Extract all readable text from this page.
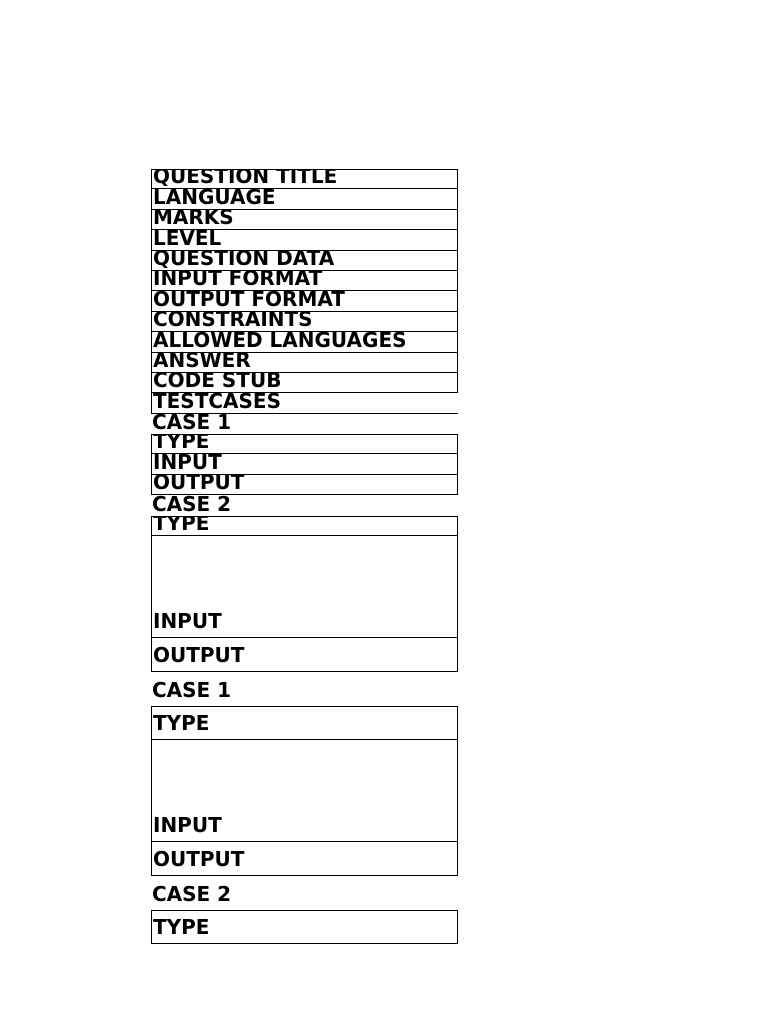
QUESTION TITLE
LANGUAGE
MARKS
LEVEL
QUESTION DATA
INPUT FORMAT
OUTPUT FORMAT
CONSTRAINTS
ALLOWED LANGUAGES
ANSWER
CODE STUB
TESTCASES
CASE 1
TYPE
INPUT
OUTPUT
CASE 2
TYPE
INPUT
OUTPUT
CASE 1
TYPE
INPUT
OUTPUT
CASE 2
TYPE
